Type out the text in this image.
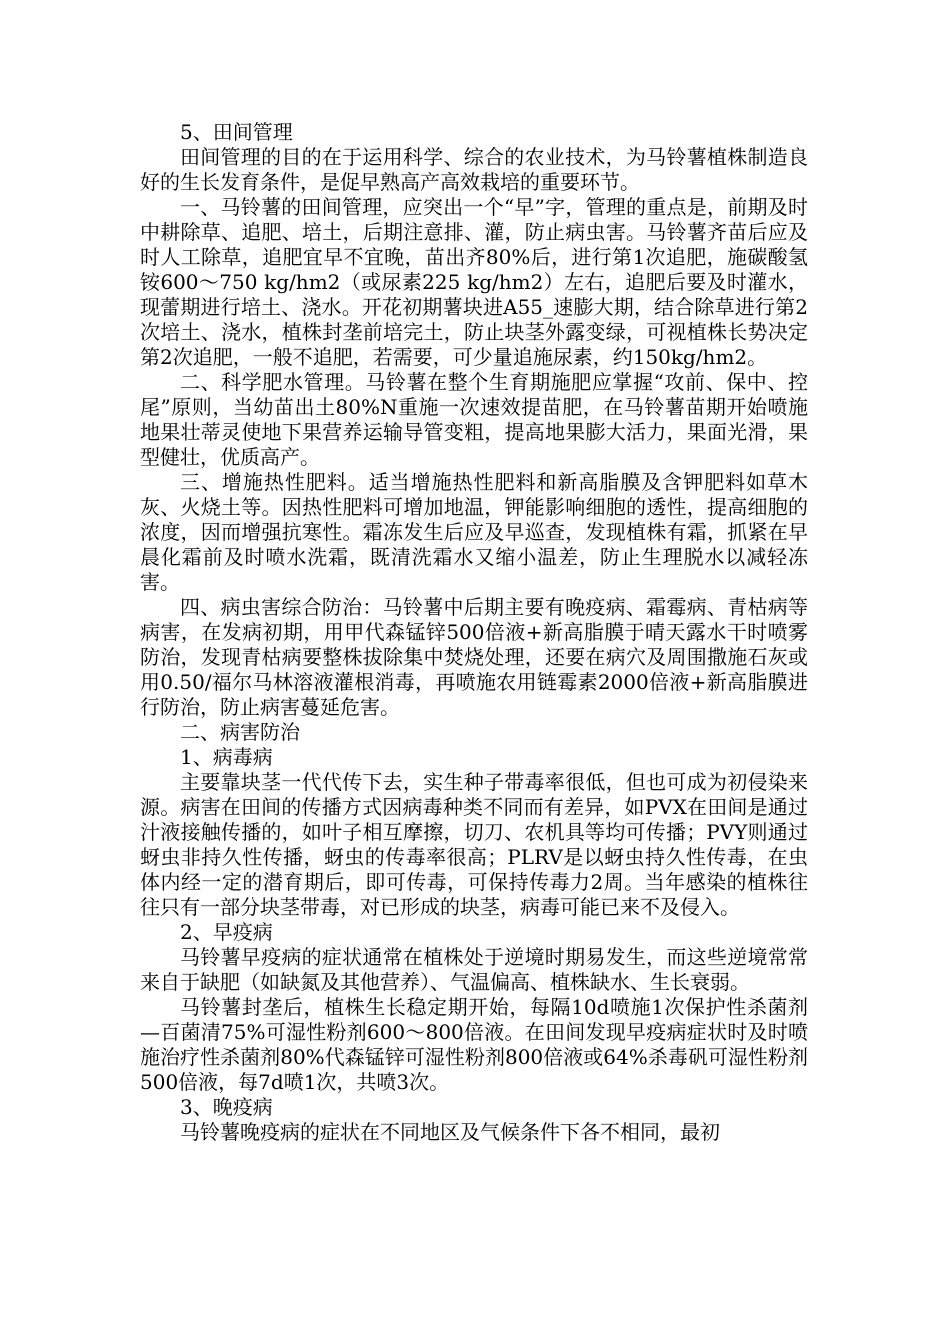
5、田间管理

田间管理的目的在于运用科学、综合的农业技术，为马铃薯植株制造良好的生长发育条件，是促早熟高产高效栽培的重要环节。

一、马铃薯的田间管理，应突出一个“早”字，管理的重点是，前期及时中耕除草、追肥、培土，后期注意排、灌，防止病虫害。马铃薯齐苗后应及时人工除草，追肥宜早不宜晚，苗出齐80%后，进行第1次追肥，施碳酸氢铵600～750 kg/hm2（或尿素225 kg/hm2）左右，追肥后要及时灌水，现蕾期进行培土、浇水。开花初期薯块进A55_速膨大期，结合除草进行第2次培土、浇水，植株封垄前培完土，防止块茎外露变绿，可视植株长势决定第2次追肥，一般不追肥，若需要，可少量追施尿素，约150kg/hm2。

二、科学肥水管理。马铃薯在整个生育期施肥应掌握“攻前、保中、控尾”原则，当幼苗出土80%N重施一次速效提苗肥，在马铃薯苗期开始喷施地果壮蒂灵使地下果营养运输导管变粗，提高地果膨大活力，果面光滑，果型健壮，优质高产。

三、增施热性肥料。适当增施热性肥料和新高脂膜及含钾肥料如草木灰、火烧土等。因热性肥料可增加地温，钾能影响细胞的透性，提高细胞的浓度，因而增强抗寒性。霜冻发生后应及早巡查，发现植株有霜，抓紧在早晨化霜前及时喷水洗霜，既清洗霜水又缩小温差，防止生理脱水以减轻冻害。

四、病虫害综合防治：马铃薯中后期主要有晚疫病、霜霉病、青枯病等病害，在发病初期，用甲代森锰锌500倍液+新高脂膜于晴天露水干时喷雾防治，发现青枯病要整株拔除集中焚烧处理，还要在病穴及周围撒施石灰或用0.50/福尔马林溶液灌根消毒，再喷施农用链霉素2000倍液+新高脂膜进行防治，防止病害蔓延危害。

二、病害防治

1、病毒病

主要靠块茎一代代传下去，实生种子带毒率很低，但也可成为初侵染来源。病害在田间的传播方式因病毒种类不同而有差异，如PVX在田间是通过汁液接触传播的，如叶子相互摩擦，切刀、农机具等均可传播；PVY则通过蚜虫非持久性传播，蚜虫的传毒率很高；PLRV是以蚜虫持久性传毒，在虫体内经一定的潜育期后，即可传毒，可保持传毒力2周。当年感染的植株往往只有一部分块茎带毒，对已形成的块茎，病毒可能已来不及侵入。

2、早疫病

马铃薯早疫病的症状通常在植株处于逆境时期易发生，而这些逆境常常来自于缺肥（如缺氮及其他营养）、气温偏高、植株缺水、生长衰弱。

马铃薯封垄后，植株生长稳定期开始，每隔10d喷施1次保护性杀菌剂—百菌清75%可湿性粉剂600～800倍液。在田间发现早疫病症状时及时喷施治疗性杀菌剂80%代森锰锌可湿性粉剂800倍液或64%杀毒矾可湿性粉剂500倍液，每7d喷1次，共喷3次。

3、晚疫病

马铃薯晚疫病的症状在不同地区及气候条件下各不相同，最初
